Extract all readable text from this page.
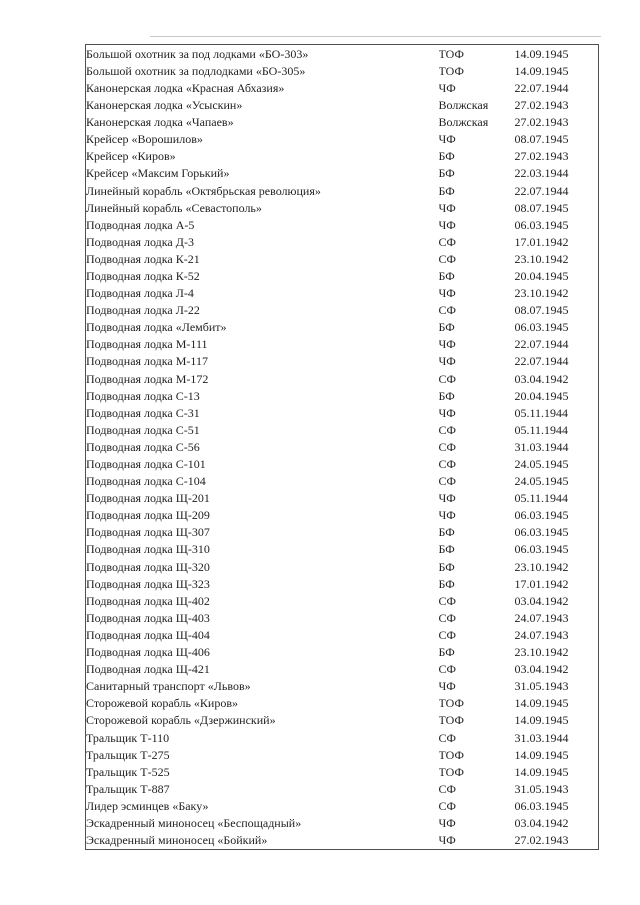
Большой охотник за под лодками «БО-303»	ТОФ	14.09.1945
Большой охотник за подлодками «БО-305»	ТОФ	14.09.1945
Канонерская лодка «Красная Абхазия»	ЧФ	22.07.1944
Канонерская лодка «Усыскин»	Волжская	27.02.1943
Канонерская лодка «Чапаев»	Волжская	27.02.1943
Крейсер «Ворошилов»	ЧФ	08.07.1945
Крейсер «Киров»	БФ	27.02.1943
Крейсер «Максим Горький»	БФ	22.03.1944
Линейный корабль «Октябрьская революция»	БФ	22.07.1944
Линейный корабль «Севастополь»	ЧФ	08.07.1945
Подводная лодка А-5	ЧФ	06.03.1945
Подводная лодка Д-3	СФ	17.01.1942
Подводная лодка К-21	СФ	23.10.1942
Подводная лодка К-52	БФ	20.04.1945
Подводная лодка Л-4	ЧФ	23.10.1942
Подводная лодка Л-22	СФ	08.07.1945
Подводная лодка «Лембит»	БФ	06.03.1945
Подводная лодка М-111	ЧФ	22.07.1944
Подводная лодка М-117	ЧФ	22.07.1944
Подводная лодка М-172	СФ	03.04.1942
Подводная лодка С-13	БФ	20.04.1945
Подводная лодка С-31	ЧФ	05.11.1944
Подводная лодка С-51	СФ	05.11.1944
Подводная лодка С-56	СФ	31.03.1944
Подводная лодка С-101	СФ	24.05.1945
Подводная лодка С-104	СФ	24.05.1945
Подводная лодка Щ-201	ЧФ	05.11.1944
Подводная лодка Щ-209	ЧФ	06.03.1945
Подводная лодка Щ-307	БФ	06.03.1945
Подводная лодка Щ-310	БФ	06.03.1945
Подводная лодка Щ-320	БФ	23.10.1942
Подводная лодка Щ-323	БФ	17.01.1942
Подводная лодка Щ-402	СФ	03.04.1942
Подводная лодка Щ-403	СФ	24.07.1943
Подводная лодка Щ-404	СФ	24.07.1943
Подводная лодка Щ-406	БФ	23.10.1942
Подводная лодка Щ-421	СФ	03.04.1942
Санитарный транспорт «Львов»	ЧФ	31.05.1943
Сторожевой корабль «Киров»	ТОФ	14.09.1945
Сторожевой корабль «Дзержинский»	ТОФ	14.09.1945
Тральщик Т-110	СФ	31.03.1944
Тральщик Т-275	ТОФ	14.09.1945
Тральщик Т-525	ТОФ	14.09.1945
Тральщик Т-887	СФ	31.05.1943
Лидер эсминцев «Баку»	СФ	06.03.1945
Эскадренный миноносец «Беспощадный»	ЧФ	03.04.1942
Эскадренный миноносец «Бойкий»	ЧФ	27.02.1943
